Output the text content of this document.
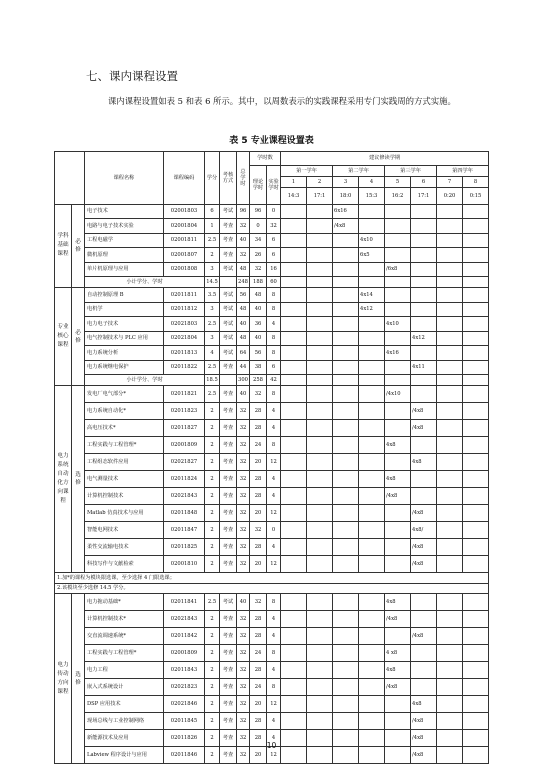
七、课内课程设置
课内课程设置如表 5 和表 6 所示。其中，以周数表示的实践课程采用专门实践周的方式实施。
表 5 专业课程设置表
		课程名称	课程编码	学分	考核方式	总学时	学时数		建议修读学期							
							理论学时	实验学时	第一学年		第二学年		第三学年		第四学年	
									1	2	3	4	5	6	7	8
									14:3	17:1	18:0	15:3	16:2	17:1	0:20	0:15
学科基础课程	必修	电子技术	02001803	6	考试	96	96	0			6x16					
		电路与电子技术实验	02001804	1	考查	32	0	32			/4x8					
		工程电磁学	02001811	2.5	考查	40	34	6				4x10				
		微机原理	02001807	2	考查	32	26	6				6x5				
		单片机原理与应用	02001808	3	考试	48	32	16					/6x8			
		小计学分、学时		14.5		248	188	60								
专业核心课程	必修	自动控制原理 B	02011811	3.5	考试	56	48	8				4x14				
		电机学	02011812	3	考试	48	40	8				4x12				
		电力电子技术	02021803	2.5	考试	40	36	4					4x10			
		电气控制技术与 PLC 应用	02021804	3	考试	48	40	8						4x12		
		电力系统分析	02011813	4	考试	64	56	8					4x16			
		电力系统继电保护	02011822	2.5	考查	44	38	6						4x11		
		小计学分、学时		18.5		300	258	42								
电力系统自动化方向课程	选修	发电厂电气部分*	02011821	2.5	考查	40	32	8					/4x10			
		电力系统自动化*	02011823	2	考查	32	28	4						/4x8		
		高电压技术*	02011827	2	考查	32	28	4						/4x8		
		工程实践与工程管理*	02001809	2	考查	32	24	8					4x8			
		工程组态软件应用	02021827	2	考查	32	20	12						4x8		
		电气测量技术	02011824	2	考查	32	28	4					4x8			
		计算机控制技术	02021843	2	考查	32	28	4					/4x8			
		Matlab 仿真技术与应用	02011848	2	考查	32	20	12						/4x8		
		智能电网技术	02011847	2	考查	32	32	0						4x8/		
		柔性交流输电技术	02011825	2	考查	32	28	4						/4x8		
		科技写作与文献检索	02001810	2	考查	32	20	12						/4x8		
1.加*的课程为模块限选课，至少选择 4 门限选课；																
2.该模块至少选修 14.5 学分。																
电力传动方向课程	选修	电力拖动基础*	02011841	2.5	考试	40	32	8					4x8			
		计算机控制技术*	02021843	2	考查	32	28	4					/4x8			
		交直流调速系统*	02011842	2	考查	32	28	4						/4x8		
		工程实践与工程管理*	02001809	2	考查	32	24	8					4 x8			
		电力工程	02011843	2	考查	32	28	4					4x8			
		嵌入式系统设计	02021823	2	考查	32	24	8					/4x8			
		DSP 应用技术	02021846	2	考查	32	20	12						4x8		
		现场总线与工业控制网络	02011845	2	考查	32	28	4						/4x8		
		新能源技术及应用	02011826	2	考查	32	28	4						/4x8		
		Labview 程序设计与应用	02011846	2	考查	32	20	12						/4x8		
10
